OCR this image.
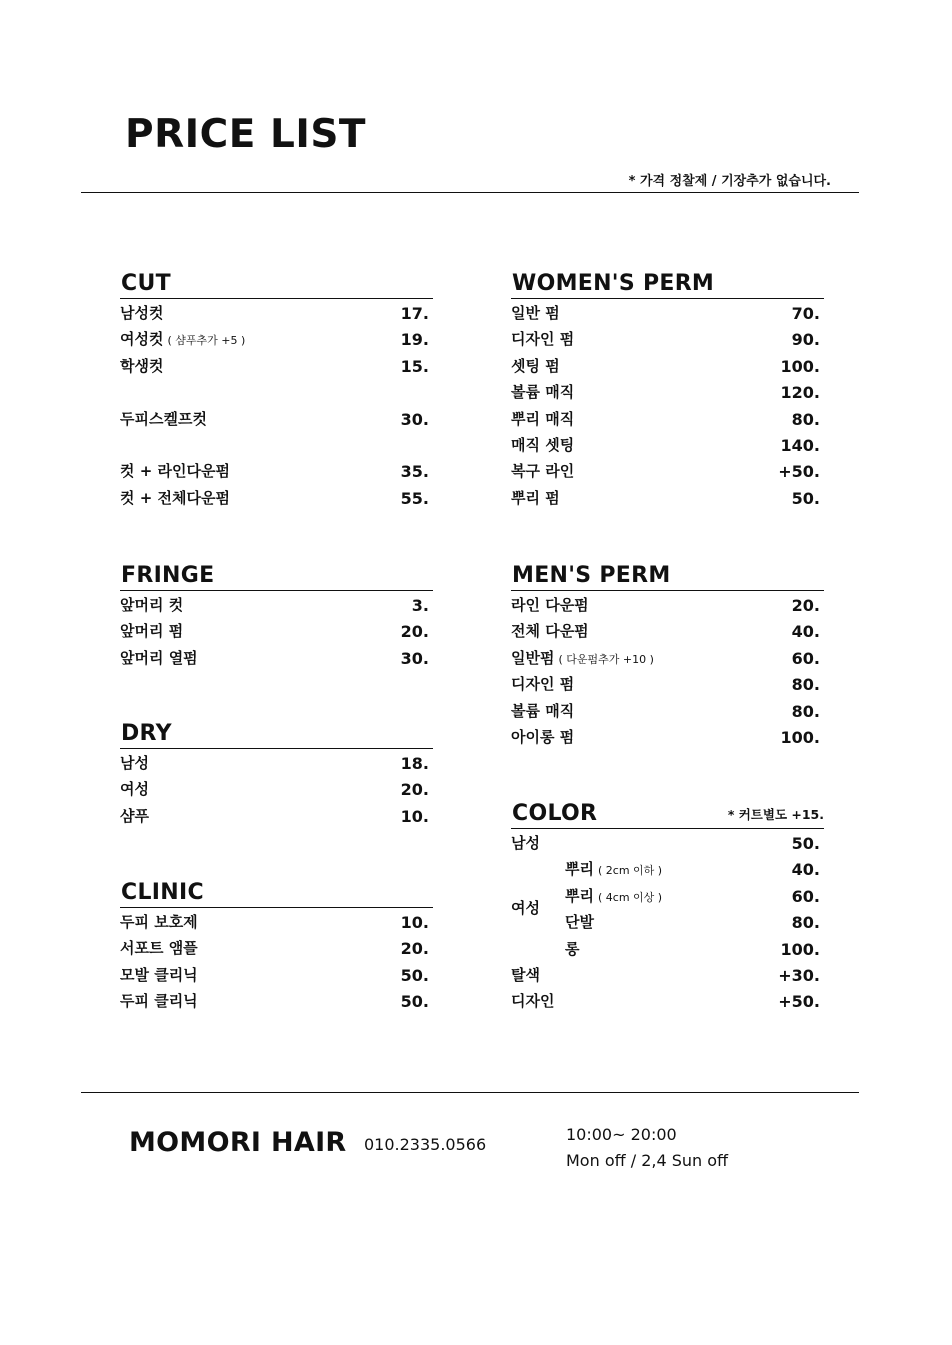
PRICE LIST
* 가격 정찰제 / 기장추가 없습니다.
CUT
남성컷	17.
여성컷 ( 샴푸추가 +5 )	19.
학생컷	15.
두피스켈프컷	30.
컷 + 라인다운펌	35.
컷 + 전체다운펌	55.
FRINGE
앞머리 컷	3.
앞머리 펌	20.
앞머리 열펌	30.
DRY
남성	18.
여성	20.
샴푸	10.
CLINIC
두피 보호제	10.
서포트 앰플	20.
모발 클리닉	50.
두피 클리닉	50.
WOMEN'S PERM
일반 펌	70.
디자인 펌	90.
셋팅 펌	100.
볼륨 매직	120.
뿌리 매직	80.
매직 셋팅	140.
복구 라인	+50.
뿌리 펌	50.
MEN'S PERM
라인 다운펌	20.
전체 다운펌	40.
일반펌 ( 다운펌추가 +10 )	60.
디자인 펌	80.
볼륨 매직	80.
아이롱 펌	100.
COLOR	* 커트별도 +15.
남성	50.
여성
뿌리 ( 2cm 이하 )	40.
뿌리 ( 4cm 이상 )	60.
단발	80.
롱	100.
탈색	+30.
디자인	+50.
MOMORI HAIR 010.2335.0566
10:00~ 20:00
Mon off / 2,4 Sun off
